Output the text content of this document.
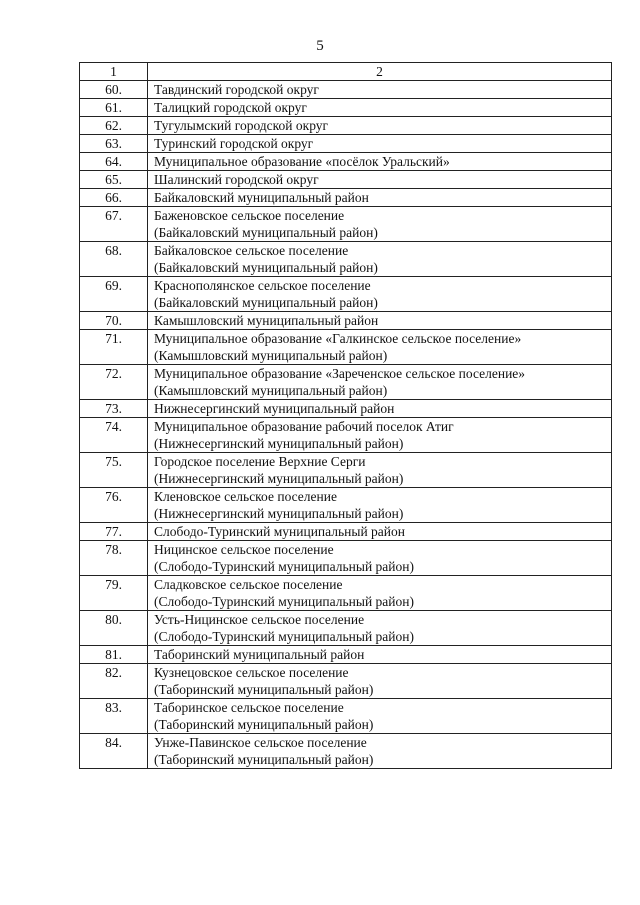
5
1	2
60.	Тавдинский городской округ

61.	Талицкий городской округ

62.	Тугулымский городской округ

63.	Туринский городской округ

64.	Муниципальное образование «посёлок Уральский»

65.	Шалинский городской округ

66.	Байкаловский муниципальный район

67.	Баженовское сельское поселение
(Байкаловский муниципальный район)

68.	Байкаловское сельское поселение
(Байкаловский муниципальный район)

69.	Краснополянское сельское поселение
(Байкаловский муниципальный район)

70.	Камышловский муниципальный район

71.	Муниципальное образование «Галкинское сельское поселение»
(Камышловский муниципальный район)

72.	Муниципальное образование «Зареченское сельское поселение»
(Камышловский муниципальный район)

73.	Нижнесергинский муниципальный район

74.	Муниципальное образование рабочий поселок Атиг
(Нижнесергинский муниципальный район)

75.	Городское поселение Верхние Серги
(Нижнесергинский муниципальный район)

76.	Кленовское сельское поселение
(Нижнесергинский муниципальный район)

77.	Слободо-Туринский муниципальный район

78.	Ницинское сельское поселение
(Слободо-Туринский муниципальный район)

79.	Сладковское сельское поселение
(Слободо-Туринский муниципальный район)

80.	Усть-Ницинское сельское поселение
(Слободо-Туринский муниципальный район)

81.	Таборинский муниципальный район

82.	Кузнецовское сельское поселение
(Таборинский муниципальный район)

83.	Таборинское сельское поселение
(Таборинский муниципальный район)

84.	Унже-Павинское сельское поселение
(Таборинский муниципальный район)
